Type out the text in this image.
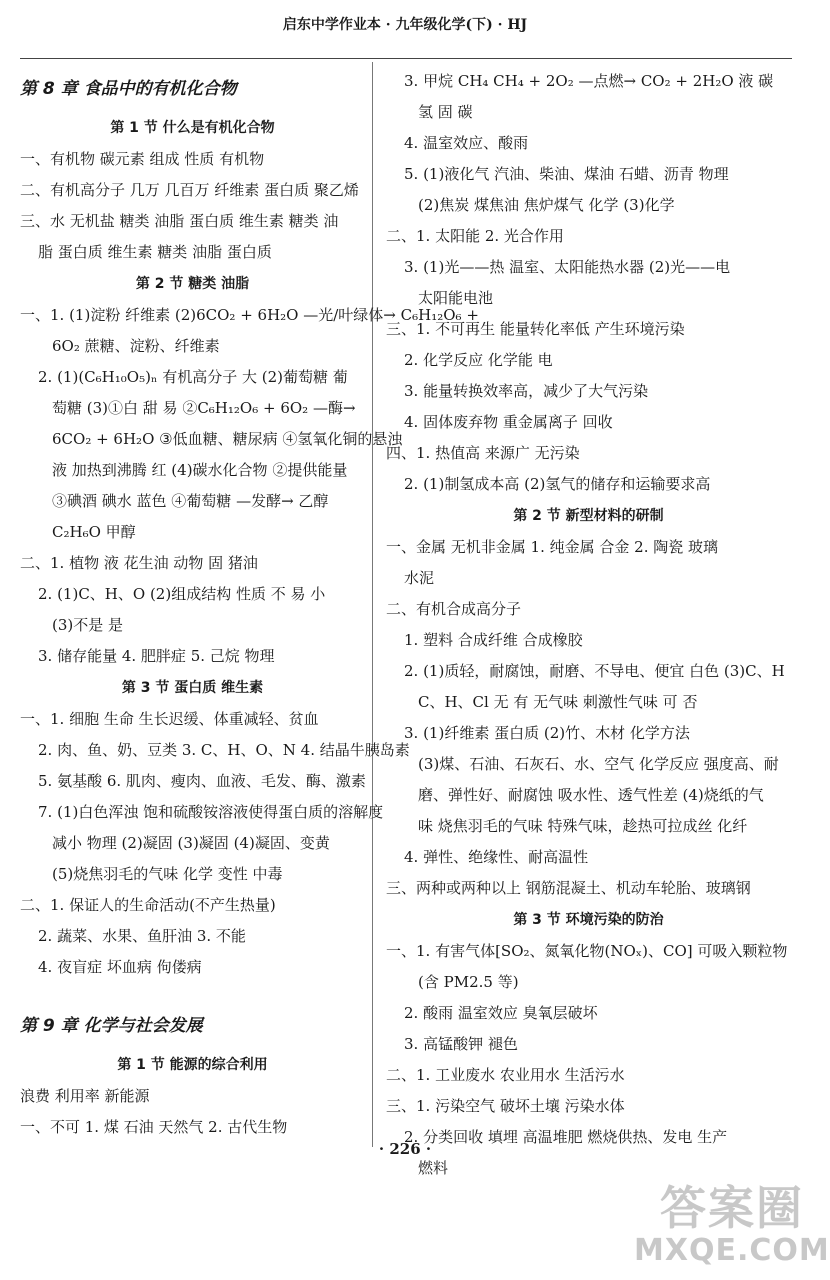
启东中学作业本 · 九年级化学(下) · HJ
第 8 章 食品中的有机化合物
第 1 节 什么是有机化合物
一、有机物 碳元素 组成 性质 有机物
二、有机高分子 几万 几百万 纤维素 蛋白质 聚乙烯
三、水 无机盐 糖类 油脂 蛋白质 维生素 糖类 油
脂 蛋白质 维生素 糖类 油脂 蛋白质
第 2 节 糖类 油脂
一、1. (1)淀粉 纤维素 (2)6CO₂ + 6H₂O —光/叶绿体→ C₆H₁₂O₆ +
6O₂ 蔗糖、淀粉、纤维素
2. (1)(C₆H₁₀O₅)ₙ 有机高分子 大 (2)葡萄糖 葡
萄糖 (3)①白 甜 易 ②C₆H₁₂O₆ + 6O₂ —酶→
6CO₂ + 6H₂O ③低血糖、糖尿病 ④氢氧化铜的悬浊
液 加热到沸腾 红 (4)碳水化合物 ②提供能量
③碘酒 碘水 蓝色 ④葡萄糖 —发酵→ 乙醇
C₂H₆O 甲醇
二、1. 植物 液 花生油 动物 固 猪油
2. (1)C、H、O (2)组成结构 性质 不 易 小
(3)不是 是
3. 储存能量 4. 肥胖症 5. 己烷 物理
第 3 节 蛋白质 维生素
一、1. 细胞 生命 生长迟缓、体重减轻、贫血
2. 肉、鱼、奶、豆类 3. C、H、O、N 4. 结晶牛胰岛素
5. 氨基酸 6. 肌肉、瘦肉、血液、毛发、酶、激素
7. (1)白色浑浊 饱和硫酸铵溶液使得蛋白质的溶解度
减小 物理 (2)凝固 (3)凝固 (4)凝固、变黄
(5)烧焦羽毛的气味 化学 变性 中毒
二、1. 保证人的生命活动(不产生热量)
2. 蔬菜、水果、鱼肝油 3. 不能
4. 夜盲症 坏血病 佝偻病
第 9 章 化学与社会发展
第 1 节 能源的综合利用
浪费 利用率 新能源
一、不可 1. 煤 石油 天然气 2. 古代生物
3. 甲烷 CH₄ CH₄ + 2O₂ —点燃→ CO₂ + 2H₂O 液 碳
氢 固 碳
4. 温室效应、酸雨
5. (1)液化气 汽油、柴油、煤油 石蜡、沥青 物理
(2)焦炭 煤焦油 焦炉煤气 化学 (3)化学
二、1. 太阳能 2. 光合作用
3. (1)光——热 温室、太阳能热水器 (2)光——电
太阳能电池
三、1. 不可再生 能量转化率低 产生环境污染
2. 化学反应 化学能 电
3. 能量转换效率高，减少了大气污染
4. 固体废弃物 重金属离子 回收
四、1. 热值高 来源广 无污染
2. (1)制氢成本高 (2)氢气的储存和运输要求高
第 2 节 新型材料的研制
一、金属 无机非金属 1. 纯金属 合金 2. 陶瓷 玻璃
水泥
二、有机合成高分子
1. 塑料 合成纤维 合成橡胶
2. (1)质轻，耐腐蚀，耐磨、不导电、便宜 白色 (3)C、H
C、H、Cl 无 有 无气味 刺激性气味 可 否
3. (1)纤维素 蛋白质 (2)竹、木材 化学方法
(3)煤、石油、石灰石、水、空气 化学反应 强度高、耐
磨、弹性好、耐腐蚀 吸水性、透气性差 (4)烧纸的气
味 烧焦羽毛的气味 特殊气味，趁热可拉成丝 化纤
4. 弹性、绝缘性、耐高温性
三、两种或两种以上 钢筋混凝土、机动车轮胎、玻璃钢
第 3 节 环境污染的防治
一、1. 有害气体[SO₂、氮氧化物(NOₓ)、CO] 可吸入颗粒物
(含 PM2.5 等)
2. 酸雨 温室效应 臭氧层破坏
3. 高锰酸钾 褪色
二、1. 工业废水 农业用水 生活污水
三、1. 污染空气 破坏土壤 污染水体
2. 分类回收 填埋 高温堆肥 燃烧供热、发电 生产
燃料
· 226 ·
答案圈
MXQE.COM
